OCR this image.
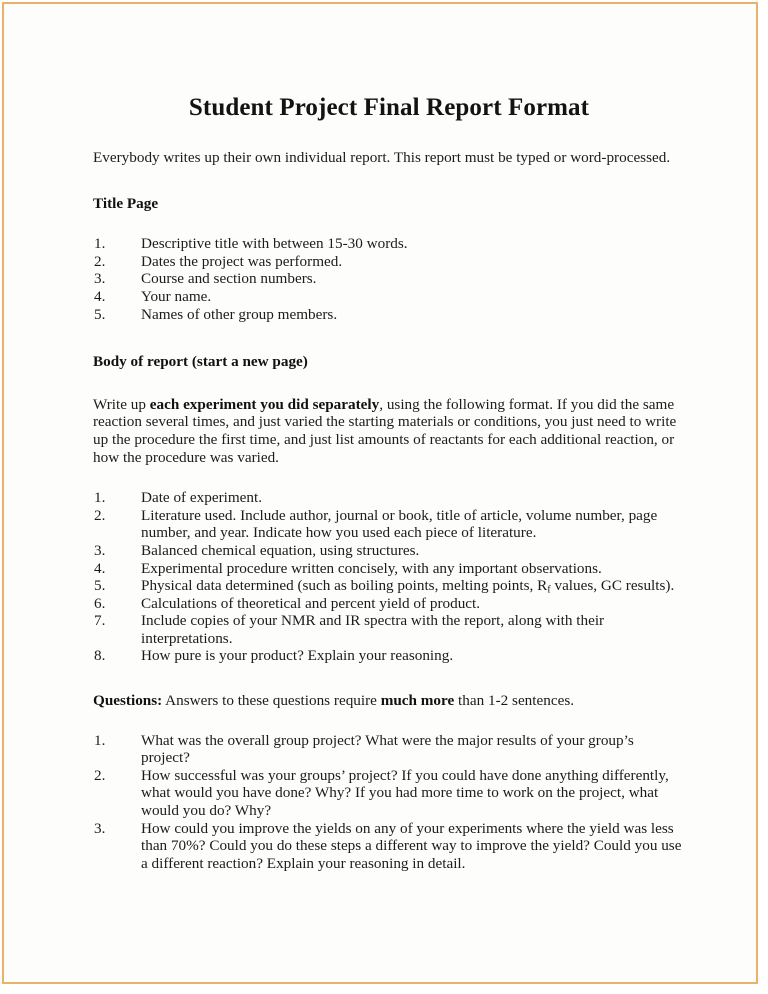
Student Project Final Report Format

Everybody writes up their own individual report. This report must be typed or word-processed.

Title Page
1.	Descriptive title with between 15-30 words.
2.	Dates the project was performed.
3.	Course and section numbers.
4.	Your name.
5.	Names of other group members.
Body of report (start a new page)

Write up each experiment you did separately, using the following format. If you did the same reaction several times, and just varied the starting materials or conditions, you just need to write up the procedure the first time, and just list amounts of reactants for each additional reaction, or how the procedure was varied.

1.	Date of experiment.
2.	Literature used. Include author, journal or book, title of article, volume number, page number, and year. Indicate how you used each piece of literature.
3.	Balanced chemical equation, using structures.
4.	Experimental procedure written concisely, with any important observations.
5.	Physical data determined (such as boiling points, melting points, $R_f$ values, GC results).
6.	Calculations of theoretical and percent yield of product.
7.	Include copies of your NMR and IR spectra with the report, along with their interpretations.
8.	How pure is your product? Explain your reasoning.

Questions: Answers to these questions require much more than 1-2 sentences.

1.	What was the overall group project? What were the major results of your group’s project?
2.	How successful was your groups’ project? If you could have done anything differently, what would you have done? Why? If you had more time to work on the project, what would you do? Why?
3.	How could you improve the yields on any of your experiments where the yield was less than 70%? Could you do these steps a different way to improve the yield? Could you use a different reaction? Explain your reasoning in detail.
